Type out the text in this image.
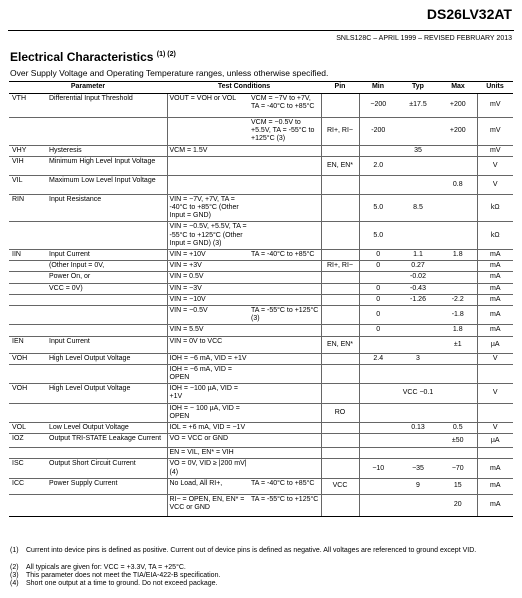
DS26LV32AT
SNLS128C – APRIL 1999 – REVISED FEBRUARY 2013
Electrical Characteristics $^{(1) (2)}$
Over Supply Voltage and Operating Temperature ranges, unless otherwise specified.
Parameter		Test Conditions		Pin	Min	Typ	Max	Units
VTH	Differential Input Threshold	VOUT = VOH or VOL	VCM = −7V to +7V, TA = -40°C to +85°C		−200	±17.5	+200	mV
			VCM = −0.5V to +5.5V, TA = -55°C to +125°C (3)	RI+, RI−	-200		+200	mV
VHY	Hysteresis	VCM = 1.5V				35		mV
VIH	Minimum High Level Input Voltage			EN, EN*	2.0			V
VIL	Maximum Low Level Input Voltage						0.8	V
RIN	Input Resistance	VIN = −7V, +7V, TA = -40°C to +85°C (Other Input = GND)			5.0	8.5		kΩ
		VIN = −0.5V, +5.5V, TA = -55°C to +125°C (Other Input = GND) (3)			5.0			kΩ
IIN	Input Current	VIN = +10V	TA = -40°C to +85°C		0	1.1	1.8	mA
	(Other Input = 0V,	VIN = +3V		RI+, RI−	0	0.27		mA
	Power On, or	VIN = 0.5V				-0.02		mA
	VCC = 0V)	VIN = −3V			0	-0.43		mA
		VIN = −10V			0	-1.26	-2.2	mA
		VIN = −0.5V	TA = -55°C to +125°C (3)		0		-1.8	mA
		VIN = 5.5V			0		1.8	mA
IEN	Input Current	VIN = 0V to VCC		EN, EN*			±1	µA
VOH	High Level Output Voltage	IOH = −6 mA, VID = +1V			2.4	3		V
		IOH = −6 mA, VID = OPEN						
VOH	High Level Output Voltage	IOH = −100 µA, VID = +1V				VCC −0.1		V
		IOH = − 100 µA, VID = OPEN		RO				
VOL	Low Level Output Voltage	IOL = +6 mA, VID = −1V				0.13	0.5	V
IOZ	Output TRI-STATE Leakage Current	VO = VCC or GND					±50	µA
		EN = VIL, EN* = VIH						
ISC	Output Short Circuit Current	VO = 0V, VID ≥ |200 mV| (4)			−10	−35	−70	mA
ICC	Power Supply Current	No Load, All RI+,	TA = -40°C to +85°C	VCC		9	15	mA
		RI− = OPEN, EN, EN* = VCC or GND	TA = -55°C to +125°C				20	mA
(1) Current into device pins is defined as positive. Current out of device pins is defined as negative. All voltages are referenced to ground except VID.
(2) All typicals are given for: VCC = +3.3V, TA = +25°C.
(3) This parameter does not meet the TIA/EIA-422-B specification.
(4) Short one output at a time to ground. Do not exceed package.
